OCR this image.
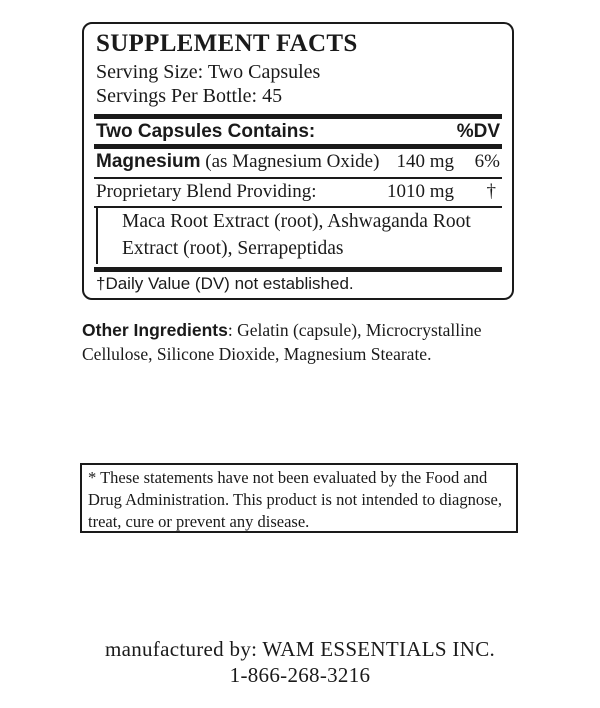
SUPPLEMENT FACTS
Serving Size: Two Capsules
Servings Per Bottle: 45
Two Capsules Contains:	%DV
Magnesium (as Magnesium Oxide) 140 mg 6%
Proprietary Blend Providing:	1010 mg †
Maca Root Extract (root), Ashwaganda Root Extract (root), Serrapeptidas
†Daily Value (DV) not established.
Other Ingredients: Gelatin (capsule), Microcrystalline Cellulose, Silicone Dioxide, Magnesium Stearate.
* These statements have not been evaluated by the Food and Drug Administration. This product is not intended to diagnose, treat, cure or prevent any disease.
manufactured by: WAM ESSENTIALS INC.
1-866-268-3216
